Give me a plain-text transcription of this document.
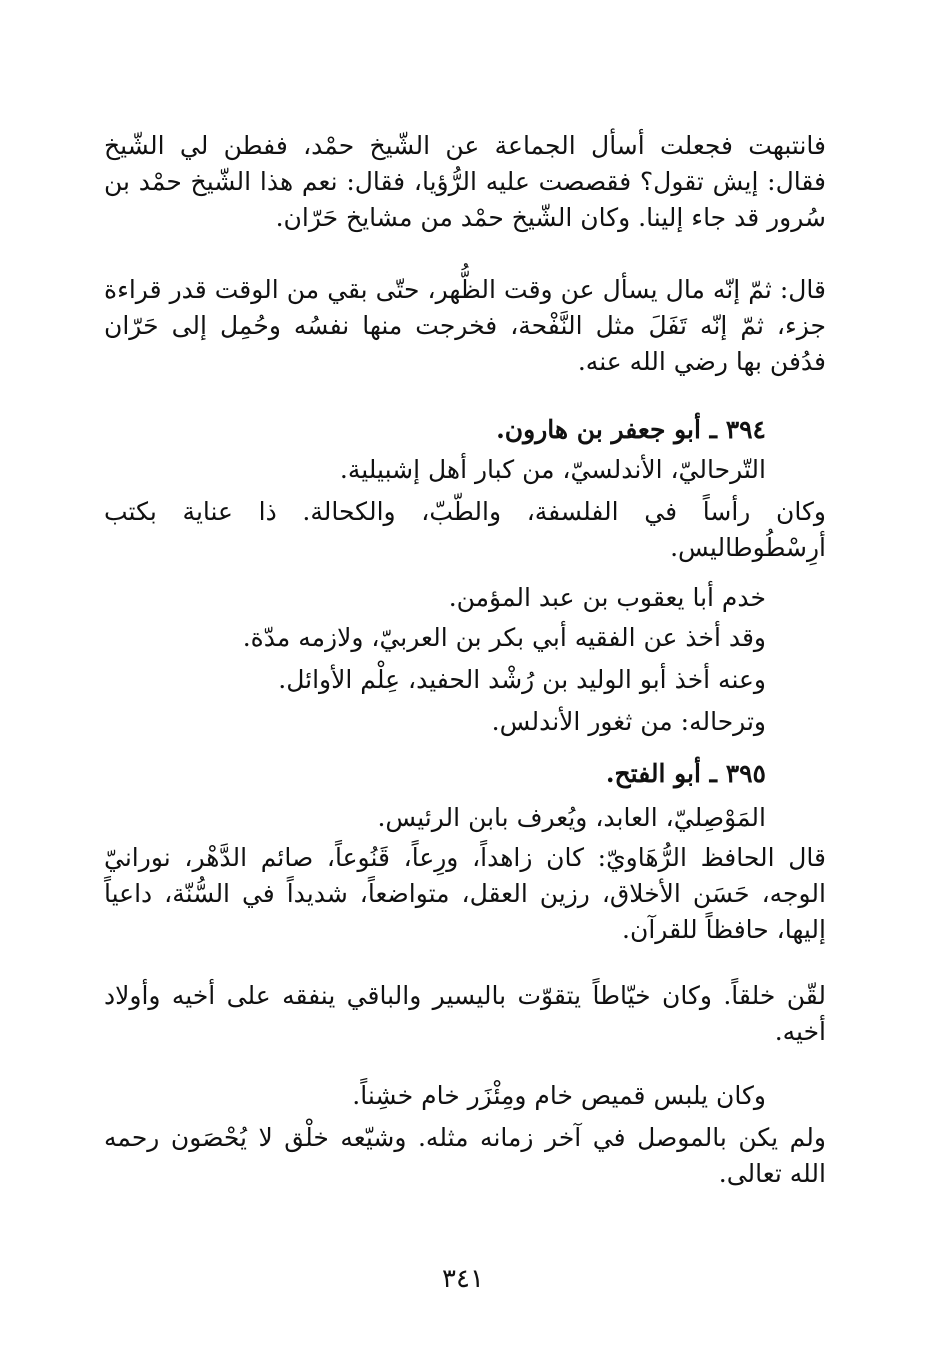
فانتبهت فجعلت أسأل الجماعة عن الشّيخ حمْد، ففطن لي الشّيخ فقال: إيش تقول؟ فقصصت عليه الرُّؤيا، فقال: نعم هذا الشّيخ حمْد بن سُرور قد جاء إلينا. وكان الشّيخ حمْد من مشايخ حَرّان.

قال: ثمّ إنّه مال يسأل عن وقت الظُّهر، حتّى بقي من الوقت قدر قراءة جزء، ثمّ إنّه تَفَلَ مثل النَّفْحة، فخرجت منها نفسُه وحُمِل إلى حَرّان فدُفن بها رضي الله عنه.

٣٩٤ ـ أبو جعفر بن هارون.

التّرحاليّ، الأندلسيّ، من كبار أهل إشبيلية.

وكان رأساً في الفلسفة، والطّبّ، والكحالة. ذا عناية بكتب أرِسْطُوطاليس.

خدم أبا يعقوب بن عبد المؤمن.

وقد أخذ عن الفقيه أبي بكر بن العربيّ، ولازمه مدّة.

وعنه أخذ أبو الوليد بن رُشْد الحفيد، عِلْم الأوائل.

وترحاله: من ثغور الأندلس.

٣٩٥ ـ أبو الفتح.

المَوْصِليّ، العابد، ويُعرف بابن الرئيس.

قال الحافظ الرُّهَاويّ: كان زاهداً، ورِعاً، قَنُوعاً، صائم الدَّهْر، نورانيّ الوجه، حَسَن الأخلاق، رزين العقل، متواضعاً، شديداً في السُّنّة، داعياً إليها، حافظاً للقرآن.

لقّن خلقاً. وكان خيّاطاً يتقوّت باليسير والباقي ينفقه على أخيه وأولاد أخيه.

وكان يلبس قميص خام ومِئْزَر خام خشِناً.

ولم يكن بالموصل في آخر زمانه مثله. وشيّعه خلْق لا يُحْصَون رحمه الله تعالى.

٣٤١
